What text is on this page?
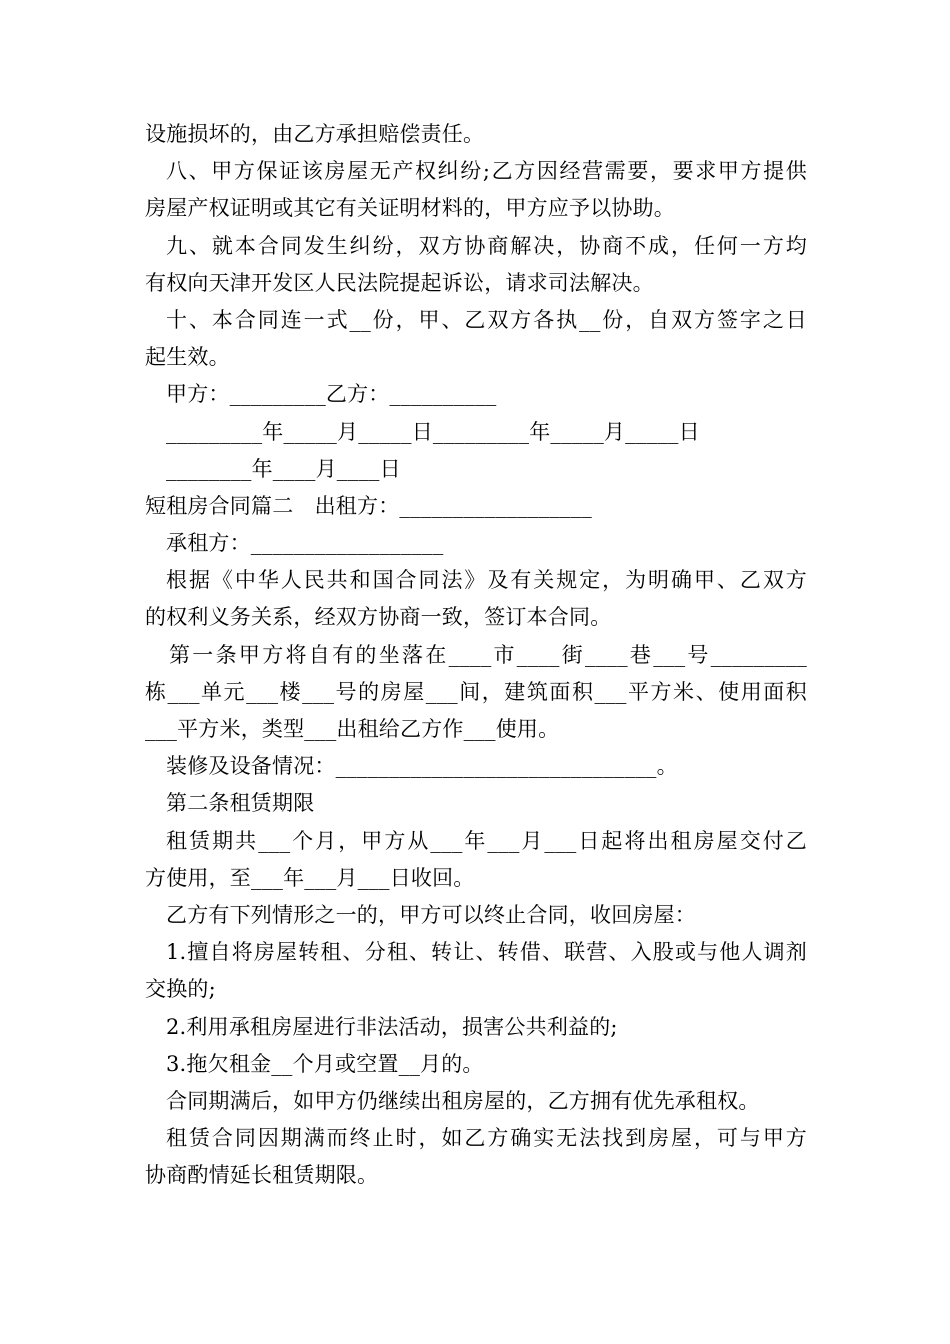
设施损坏的，由乙方承担赔偿责任。
八、甲方保证该房屋无产权纠纷;乙方因经营需要，要求甲方提供
房屋产权证明或其它有关证明材料的，甲方应予以协助。
九、就本合同发生纠纷，双方协商解决，协商不成，任何一方均
有权向天津开发区人民法院提起诉讼，请求司法解决。
十、本合同连一式__份，甲、乙双方各执__份，自双方签字之日
起生效。
甲方：_________乙方：__________
_________年_____月_____日_________年_____月_____日
________年____月____日
短租房合同篇二　出租方：__________________
承租方：__________________
根据《中华人民共和国合同法》及有关规定，为明确甲、乙双方
的权利义务关系，经双方协商一致，签订本合同。
第一条甲方将自有的坐落在____市____街____巷___号_________
栋___单元___楼___号的房屋___间，建筑面积___平方米、使用面积
___平方米，类型___出租给乙方作___使用。
装修及设备情况：______________________________。
第二条租赁期限
租赁期共___个月，甲方从___年___月___日起将出租房屋交付乙
方使用，至___年___月___日收回。
乙方有下列情形之一的，甲方可以终止合同，收回房屋：
1.擅自将房屋转租、分租、转让、转借、联营、入股或与他人调剂
交换的;
2.利用承租房屋进行非法活动，损害公共利益的;
3.拖欠租金__个月或空置__月的。
合同期满后，如甲方仍继续出租房屋的，乙方拥有优先承租权。
租赁合同因期满而终止时，如乙方确实无法找到房屋，可与甲方
协商酌情延长租赁期限。
